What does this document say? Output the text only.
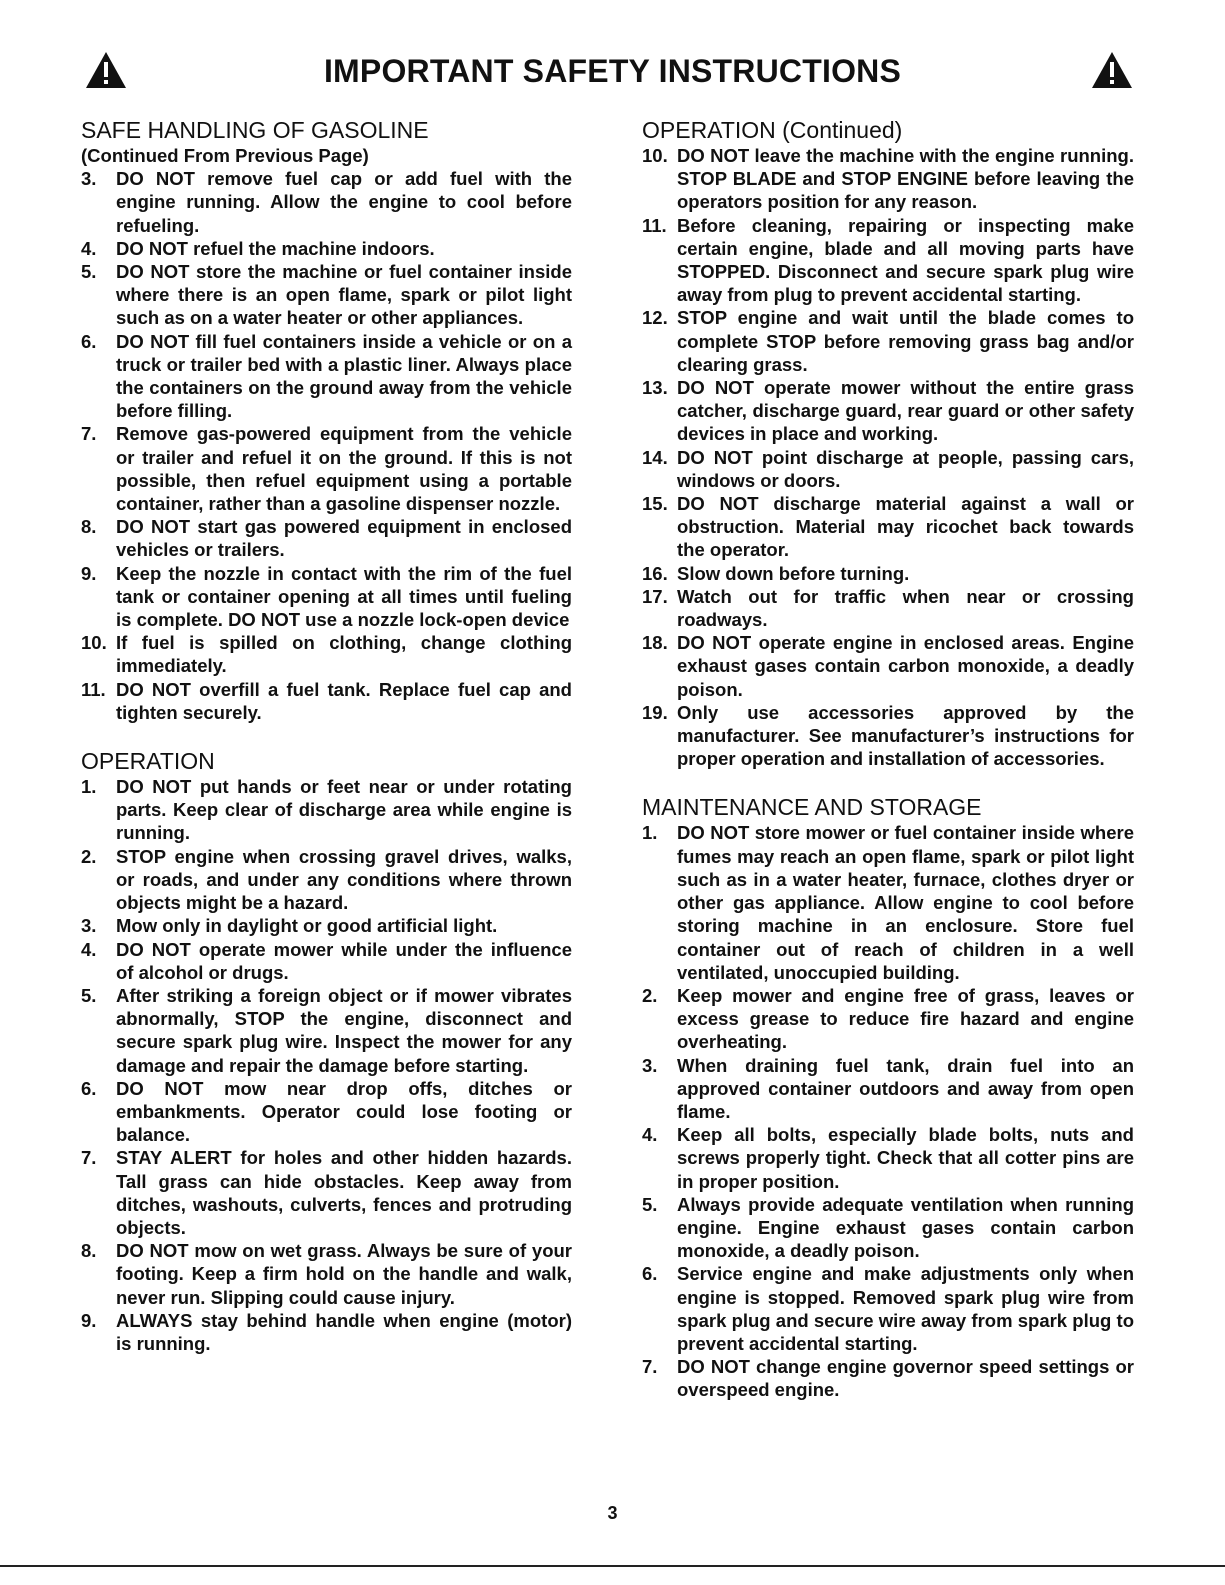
IMPORTANT SAFETY INSTRUCTIONS
SAFE HANDLING OF GASOLINE

(Continued From Previous Page)

3. DO NOT remove fuel cap or add fuel with the engine running. Allow the engine to cool before refueling.
4. DO NOT refuel the machine indoors.
5. DO NOT store the machine or fuel container inside where there is an open flame, spark or pilot light such as on a water heater or other appliances.
6. DO NOT fill fuel containers inside a vehicle or on a truck or trailer bed with a plastic liner. Always place the containers on the ground away from the vehicle before filling.
7. Remove gas-powered equipment from the vehicle or trailer and refuel it on the ground. If this is not possible, then refuel equipment using a portable container, rather than a gasoline dispenser nozzle.
8. DO NOT start gas powered equipment in enclosed vehicles or trailers.
9. Keep the nozzle in contact with the rim of the fuel tank or container opening at all times until fueling is complete. DO NOT use a nozzle lock-open device
10. If fuel is spilled on clothing, change clothing immediately.
11. DO NOT overfill a fuel tank. Replace fuel cap and tighten securely.
OPERATION
1. DO NOT put hands or feet near or under rotating parts. Keep clear of discharge area while engine is running.
2. STOP engine when crossing gravel drives, walks, or roads, and under any conditions where thrown objects might be a hazard.
3. Mow only in daylight or good artificial light.
4. DO NOT operate mower while under the influence of alcohol or drugs.
5. After striking a foreign object or if mower vibrates abnormally, STOP the engine, disconnect and secure spark plug wire. Inspect the mower for any damage and repair the damage before starting.
6. DO NOT mow near drop offs, ditches or embankments. Operator could lose footing or balance.
7. STAY ALERT for holes and other hidden hazards. Tall grass can hide obstacles. Keep away from ditches, washouts, culverts, fences and protruding objects.
8. DO NOT mow on wet grass. Always be sure of your footing. Keep a firm hold on the handle and walk, never run. Slipping could cause injury.
9. ALWAYS stay behind handle when engine (motor) is running.
OPERATION (Continued)
10. DO NOT leave the machine with the engine running. STOP BLADE and STOP ENGINE before leaving the operators position for any reason.
11. Before cleaning, repairing or inspecting make certain engine, blade and all moving parts have STOPPED. Disconnect and secure spark plug wire away from plug to prevent accidental starting.
12. STOP engine and wait until the blade comes to complete STOP before removing grass bag and/or clearing grass.
13. DO NOT operate mower without the entire grass catcher, discharge guard, rear guard or other safety devices in place and working.
14. DO NOT point discharge at people, passing cars, windows or doors.
15. DO NOT discharge material against a wall or obstruction. Material may ricochet back towards the operator.
16. Slow down before turning.
17. Watch out for traffic when near or crossing roadways.
18. DO NOT operate engine in enclosed areas. Engine exhaust gases contain carbon monoxide, a deadly poison.
19. Only use accessories approved by the manufacturer. See manufacturer’s instructions for proper operation and installation of accessories.
MAINTENANCE AND STORAGE
1. DO NOT store mower or fuel container inside where fumes may reach an open flame, spark or pilot light such as in a water heater, furnace, clothes dryer or other gas appliance. Allow engine to cool before storing machine in an enclosure. Store fuel container out of reach of children in a well ventilated, unoccupied building.
2. Keep mower and engine free of grass, leaves or excess grease to reduce fire hazard and engine overheating.
3. When draining fuel tank, drain fuel into an approved container outdoors and away from open flame.
4. Keep all bolts, especially blade bolts, nuts and screws properly tight. Check that all cotter pins are in proper position.
5. Always provide adequate ventilation when running engine. Engine exhaust gases contain carbon monoxide, a deadly poison.
6. Service engine and make adjustments only when engine is stopped. Removed spark plug wire from spark plug and secure wire away from spark plug to prevent accidental starting.
7. DO NOT change engine governor speed settings or overspeed engine.
3
